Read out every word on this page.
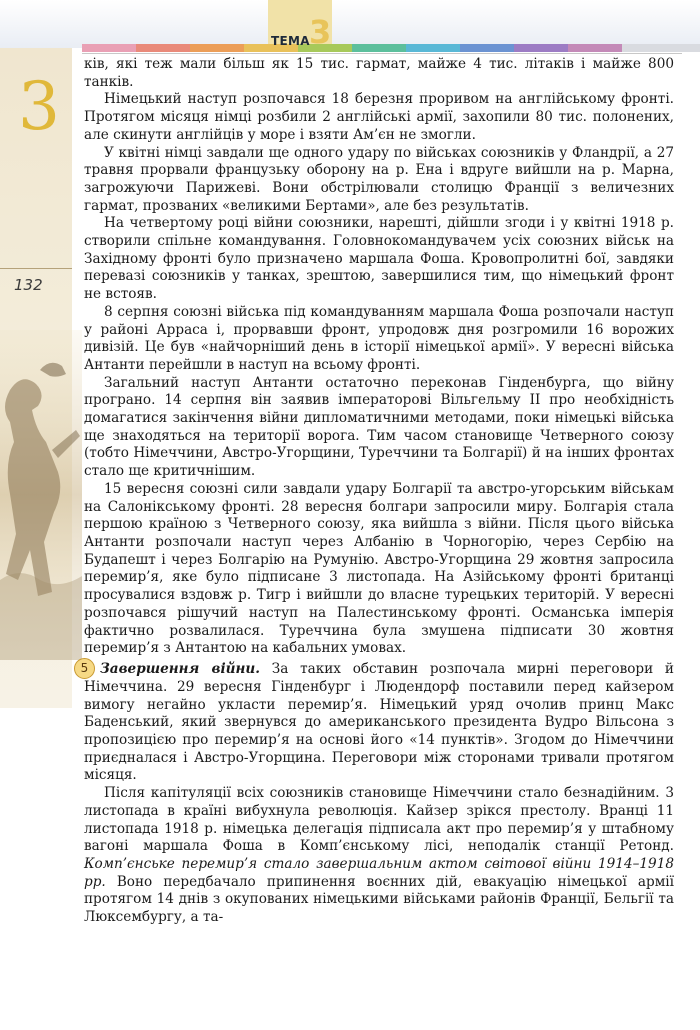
ТЕМА 3
3
132

ків, які теж мали більш як 15 тис. гармат, майже 4 тис. літаків і майже 800 танків.

Німецький наступ розпочався 18 березня проривом на англійському фронті. Протягом місяця німці розбили 2 англійські армії, захопили 80 тис. полонених, але скинути англійців у море і взяти Ам’єн не змогли.

У квітні німці завдали ще одного удару по військах союзників у Фландрії, а 27 травня прорвали французьку оборону на р. Ена і вдруге вийшли на р. Марна, загрожуючи Парижеві. Вони обстрілювали столицю Франції з величезних гармат, прозваних «великими Бертами», але без результатів.

На четвертому році війни союзники, нарешті, дійшли згоди і у квітні 1918 р. створили спільне командування. Головнокомандувачем усіх союзних військ на Західному фронті було призначено маршала Фоша. Кровопролитні бої, завдяки перевазі союзників у танках, зрештою, завершилися тим, що німецький фронт не встояв.

8 серпня союзні війська під командуванням маршала Фоша розпочали наступ у районі Арраса і, прорвавши фронт, упродовж дня розгромили 16 ворожих дивізій. Це був «найчорніший день в історії німецької армії». У вересні війська Антанти перейшли в наступ на всьому фронті.

Загальний наступ Антанти остаточно переконав Гінденбурга, що війну програно. 14 серпня він заявив імператорові Вільгельму II про необхідність домагатися закінчення війни дипломатичними методами, поки німецькі війська ще знаходяться на території ворога. Тим часом становище Четверного союзу (тобто Німеччини, Австро-Угорщини, Туреччини та Болгарії) й на інших фронтах стало ще критичнішим.

15 вересня союзні сили завдали удару Болгарії та австро-угорським військам на Салонікському фронті. 28 вересня болгари запросили миру. Болгарія стала першою країною з Четверного союзу, яка вийшла з війни. Після цього війська Антанти розпочали наступ через Албанію в Чорногорію, через Сербію на Будапешт і через Болгарію на Румунію. Австро-Угорщина 29 жовтня запросила перемир’я, яке було підписане 3 листопада. На Азійському фронті британці просувалися вздовж р. Тигр і вийшли до власне турецьких територій. У вересні розпочався рішучий наступ на Палестинському фронті. Османська імперія фактично розвалилася. Туреччина була змушена підписати 30 жовтня перемир’я з Антантою на кабальних умовах.

5 Завершення війни. За таких обставин розпочала мирні переговори й Німеччина. 29 вересня Гінденбург і Людендорф поставили перед кайзером вимогу негайно укласти перемир’я. Німецький уряд очолив принц Макс Баденський, який звернувся до американського президента Вудро Вільсона з пропозицією про перемир’я на основі його «14 пунктів». Згодом до Німеччини приєдналася і Австро-Угорщина. Переговори між сторонами тривали протягом місяця.

Після капітуляції всіх союзників становище Німеччини стало безнадійним. 3 листопада в країні вибухнула революція. Кайзер зрікся престолу. Вранці 11 листопада 1918 р. німецька делегація підписала акт про перемир’я у штабному вагоні маршала Фоша в Комп’єнському лісі, неподалік станції Ретонд. Комп’єнське перемир’я стало завершальним актом світової війни 1914–1918 рр. Воно передбачало припинення воєнних дій, евакуацію німецької армії протягом 14 днів з окупованих німецькими військами районів Франції, Бельгії та Люксембургу, а та-
